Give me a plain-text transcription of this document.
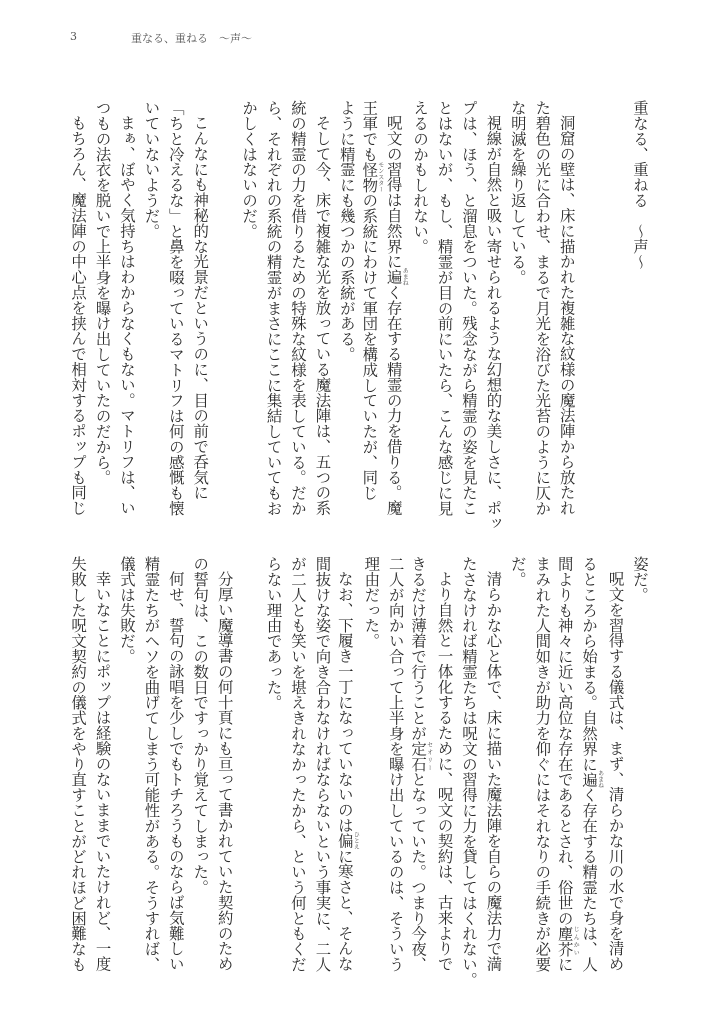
3	重なる、重ねる　～声～
重なる、重ねる　～声～
洞窟の壁は、床に描かれた複雑な紋様の魔法陣から放たれ
た碧色の光に合わせ、まるで月光を浴びた光苔のように仄か
な明滅を繰り返している。
視線が自然と吸い寄せられるような幻想的な美しさに、ポッ
プは、ほう、と溜息をついた。残念ながら精霊の姿を見たこ
とはないが、もし、精霊が目の前にいたら、こんな感じに見
えるのかもしれない。
呪文の習得は自然界に遍あまねく存在する精霊の力を借りる。魔
王軍でも怪物モンスターの系統にわけて軍団を構成していたが、同じ
ように精霊にも幾つかの系統がある。
そして今、床で複雑な光を放っている魔法陣は、五つの系
統の精霊の力を借りるための特殊な紋様を表している。だか
ら、それぞれの系統の精霊がまさにここに集結していてもお
かしくはないのだ。
こんなにも神秘的な光景だというのに、目の前で呑気に
「ちと冷えるな」と鼻を啜っているマトリフは何の感慨も懐
いていないようだ。
まぁ、ぼやく気持ちはわからなくもない。マトリフは、い
つもの法衣を脱いで上半身を曝け出していたのだから。
もちろん、魔法陣の中心点を挟んで相対するポップも同じ
姿だ。
呪文を習得する儀式は、まず、清らかな川の水で身を清め
るところから始まる。自然界に遍あまねく存在する精霊たちは、人
間よりも神々に近い高位な存在であるとされ、俗世の塵芥じんかいに
まみれた人間如きが助力を仰ぐにはそれなりの手続きが必要
だ。
清らかな心と体で、床に描いた魔法陣を自らの魔法力で満
たさなければ精霊たちは呪文の習得に力を貸してはくれない。
より自然と一体化するために、呪文の契約は、古来よりで
きるだけ薄着で行うことが定石セオリーとなっていた。つまり今夜、
二人が向かい合って上半身を曝け出しているのは、そういう
理由だった。
なお、下履き一丁になっていないのは偏ひとえに寒さと、そんな
間抜けな姿で向き合わなければならないという事実に、二人
が二人とも笑いを堪えきれなかったから、という何ともくだ
らない理由であった。
分厚い魔導書の何十頁にも亘って書かれていた契約のため
の誓句は、この数日ですっかり覚えてしまった。
何せ、誓句の詠唱を少しでもトチろうものならば気難しい
精霊たちがヘソを曲げてしまう可能性がある。そうすれば、
儀式は失敗だ。
幸いなことにポップは経験のないままでいたけれど、一度
失敗した呪文契約の儀式をやり直すことがどれほど困難なも
